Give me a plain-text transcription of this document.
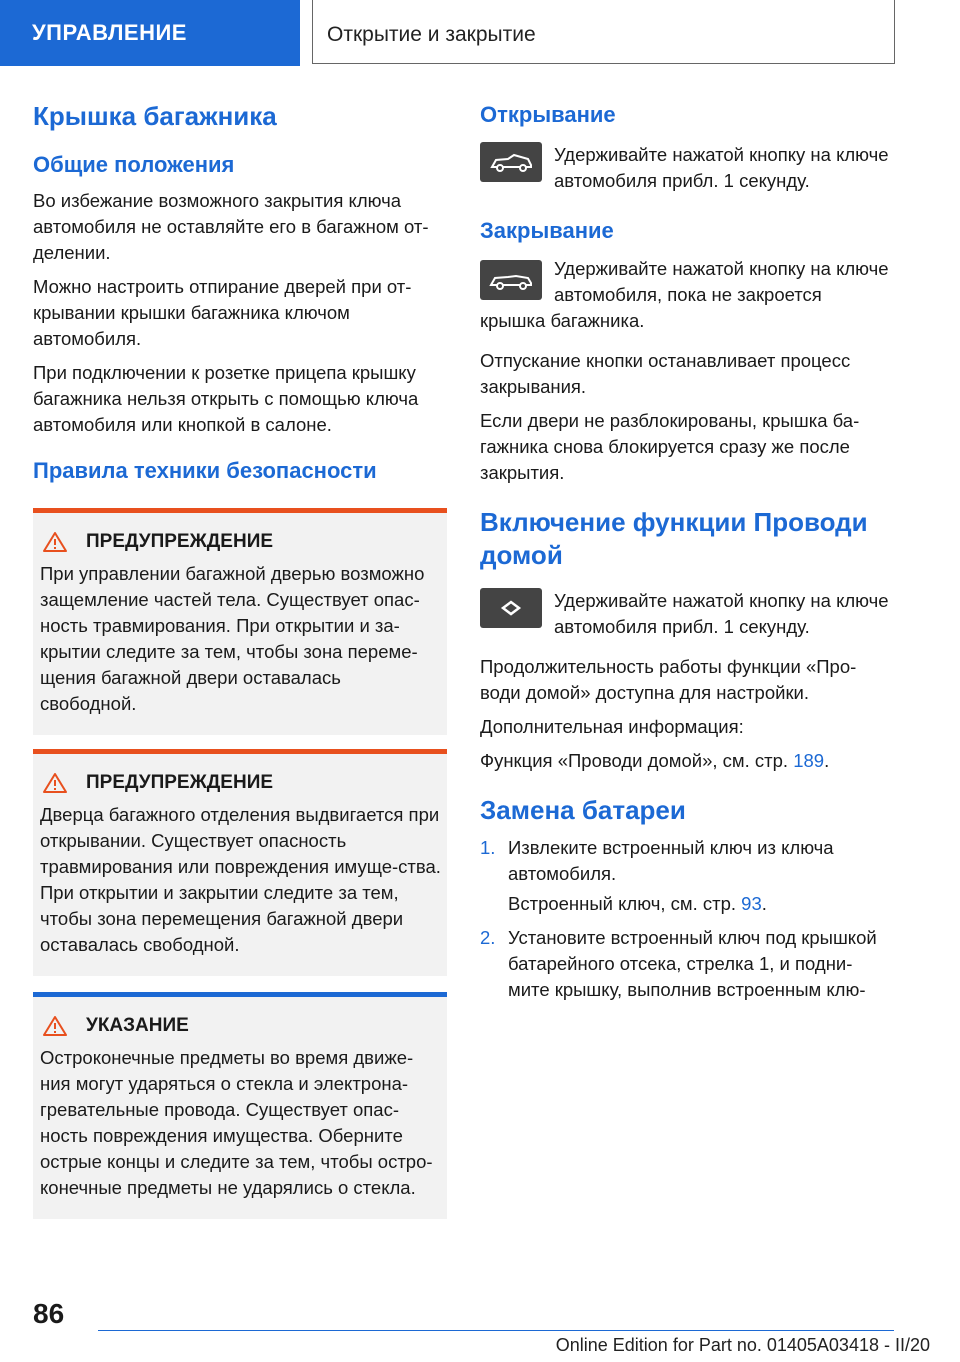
УПРАВЛЕНИЕ	Открытие и закрытие
Крышка багажника
Общие положения

Во избежание возможного закрытия ключа автомобиля не оставляйте его в багажном от-делении.

Можно настроить отпирание дверей при от-крывании крышки багажника ключом автомобиля.

При подключении к розетке прицепа крышку багажника нельзя открыть с помощью ключа автомобиля или кнопкой в салоне.

Правила техники безопасности
ПРЕДУПРЕЖДЕНИЕ

При управлении багажной дверью возможно защемление частей тела. Существует опас-ность травмирования. При открытии и за-крытии следите за тем, чтобы зона переме-щения багажной двери оставалась свободной.

ПРЕДУПРЕЖДЕНИЕ

Дверца багажного отделения выдвигается при открывании. Существует опасность травмирования или повреждения имуще-ства. При открытии и закрытии следите за тем, чтобы зона перемещения багажной двери оставалась свободной.

УКАЗАНИЕ

Остроконечные предметы во время движе-ния могут ударяться о стекла и электрона-гревательные провода. Существует опас-ность повреждения имущества. Оберните острые концы и следите за тем, чтобы остро-конечные предметы не ударялись о стекла.

Открывание

Удерживайте нажатой кнопку на ключе автомобиля прибл. 1 секунду.

Закрывание

Удерживайте нажатой кнопку на ключе автомобиля, пока не закроется крышка багажника.

Отпускание кнопки останавливает процесс закрывания.

Если двери не разблокированы, крышка ба-гажника снова блокируется сразу же после закрытия.

Включение функции Проводи домой

Удерживайте нажатой кнопку на ключе автомобиля прибл. 1 секунду.

Продолжительность работы функции «Про-води домой» доступна для настройки.

Дополнительная информация:

Функция «Проводи домой», см. стр. 189.

Замена батареи
1. Извлеките встроенный ключ из ключа автомобиля.
Встроенный ключ, см. стр. 93.
2. Установите встроенный ключ под крышкой батарейного отсека, стрелка 1, и подни-мите крышку, выполнив встроенным клю-
86
Online Edition for Part no. 01405A03418 - II/20
